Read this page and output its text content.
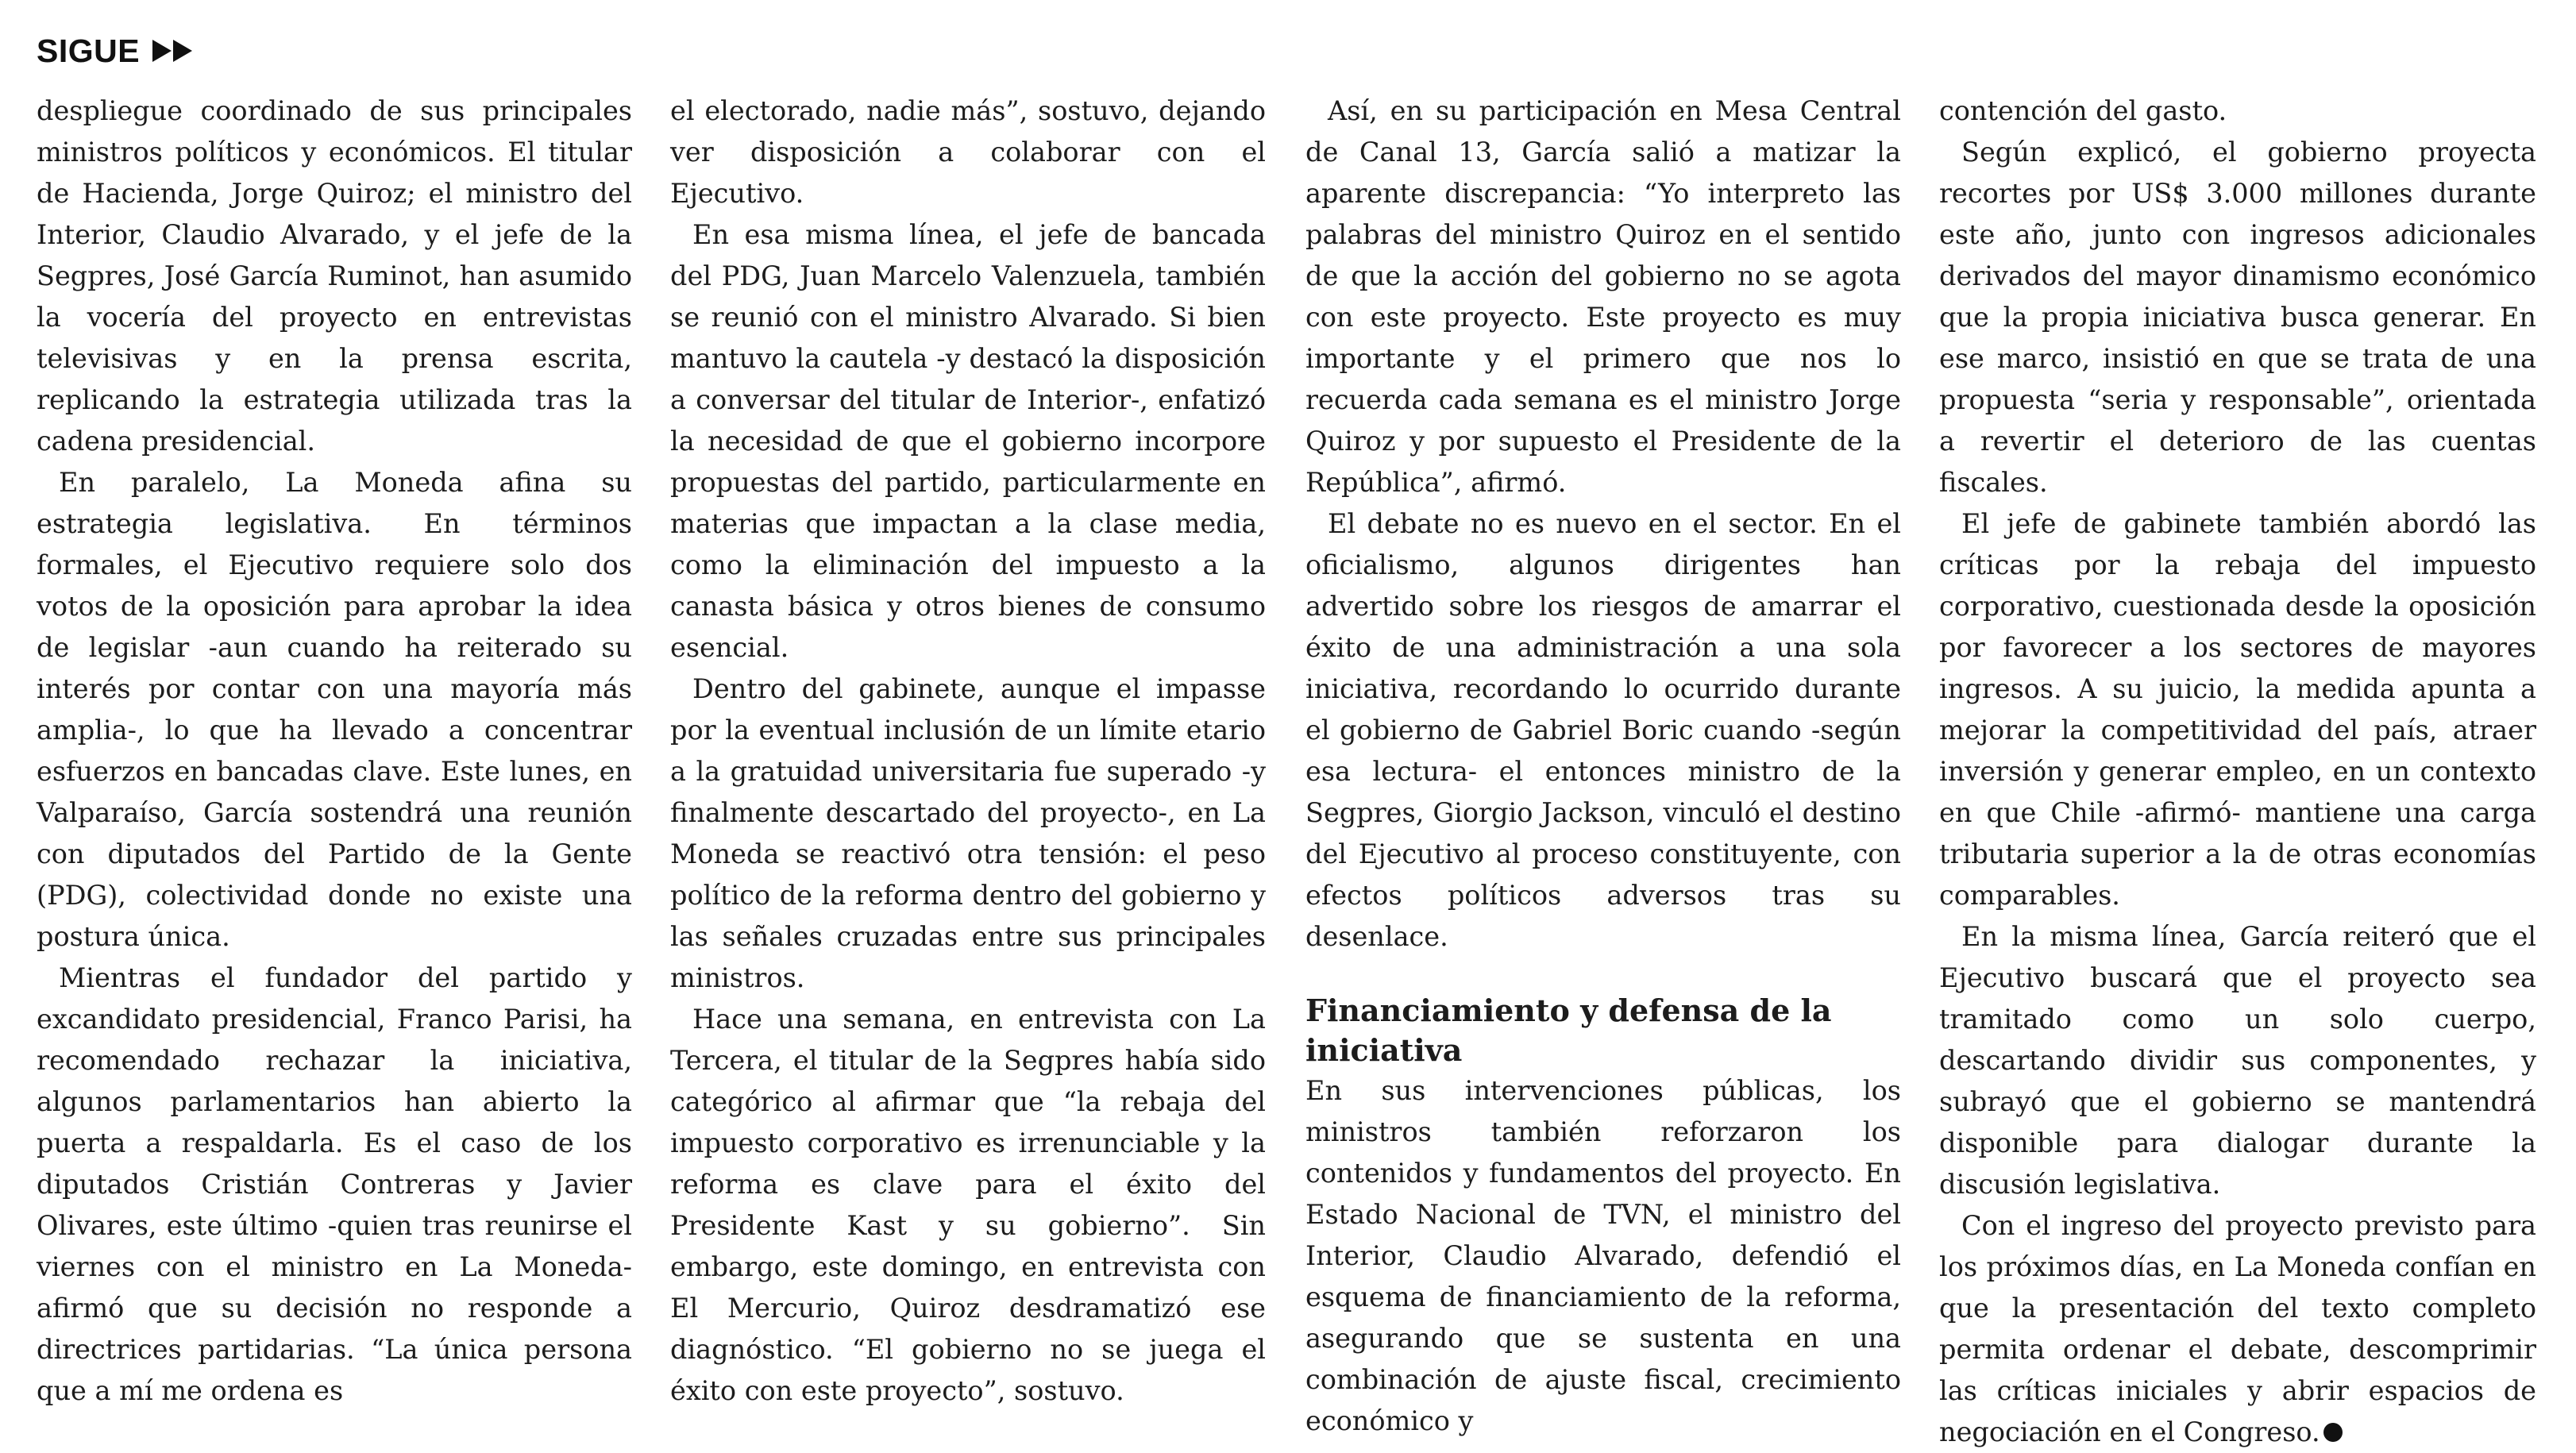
SIGUE

despliegue coordinado de sus principales ministros políticos y económicos. El titular de Hacienda, Jorge Quiroz; el ministro del Interior, Claudio Alvarado, y el jefe de la Segpres, José García Ruminot, han asumido la vocería del proyecto en entrevistas televisivas y en la prensa escrita, replicando la estrategia utilizada tras la cadena presidencial.

En paralelo, La Moneda afina su estrategia legislativa. En términos formales, el Ejecutivo requiere solo dos votos de la oposición para aprobar la idea de legislar -aun cuando ha reiterado su interés por contar con una mayoría más amplia-, lo que ha llevado a concentrar esfuerzos en bancadas clave. Este lunes, en Valparaíso, García sostendrá una reunión con diputados del Partido de la Gente (PDG), colectividad donde no existe una postura única.

Mientras el fundador del partido y excandidato presidencial, Franco Parisi, ha recomendado rechazar la iniciativa, algunos parlamentarios han abierto la puerta a respaldarla. Es el caso de los diputados Cristián Contreras y Javier Olivares, este último -quien tras reunirse el viernes con el ministro en La Moneda- afirmó que su decisión no responde a directrices partidarias. “La única persona que a mí me ordena es

el electorado, nadie más”, sostuvo, dejando ver disposición a colaborar con el Ejecutivo.

En esa misma línea, el jefe de bancada del PDG, Juan Marcelo Valenzuela, también se reunió con el ministro Alvarado. Si bien mantuvo la cautela -y destacó la disposición a conversar del titular de Interior-, enfatizó la necesidad de que el gobierno incorpore propuestas del partido, particularmente en materias que impactan a la clase media, como la eliminación del impuesto a la canasta básica y otros bienes de consumo esencial.

Dentro del gabinete, aunque el impasse por la eventual inclusión de un límite etario a la gratuidad universitaria fue superado -y finalmente descartado del proyecto-, en La Moneda se reactivó otra tensión: el peso político de la reforma dentro del gobierno y las señales cruzadas entre sus principales ministros.

Hace una semana, en entrevista con La Tercera, el titular de la Segpres había sido categórico al afirmar que “la rebaja del impuesto corporativo es irrenunciable y la reforma es clave para el éxito del Presidente Kast y su gobierno”. Sin embargo, este domingo, en entrevista con El Mercurio, Quiroz desdramatizó ese diagnóstico. “El gobierno no se juega el éxito con este proyecto”, sostuvo.

Así, en su participación en Mesa Central de Canal 13, García salió a matizar la aparente discrepancia: “Yo interpreto las palabras del ministro Quiroz en el sentido de que la acción del gobierno no se agota con este proyecto. Este proyecto es muy importante y el primero que nos lo recuerda cada semana es el ministro Jorge Quiroz y por supuesto el Presidente de la República”, afirmó.

El debate no es nuevo en el sector. En el oficialismo, algunos dirigentes han advertido sobre los riesgos de amarrar el éxito de una administración a una sola iniciativa, recordando lo ocurrido durante el gobierno de Gabriel Boric cuando -según esa lectura- el entonces ministro de la Segpres, Giorgio Jackson, vinculó el destino del Ejecutivo al proceso constituyente, con efectos políticos adversos tras su desenlace.

Financiamiento y defensa de la iniciativa

En sus intervenciones públicas, los ministros también reforzaron los contenidos y fundamentos del proyecto. En Estado Nacional de TVN, el ministro del Interior, Claudio Alvarado, defendió el esquema de financiamiento de la reforma, asegurando que se sustenta en una combinación de ajuste fiscal, crecimiento económico y

contención del gasto.

Según explicó, el gobierno proyecta recortes por US$ 3.000 millones durante este año, junto con ingresos adicionales derivados del mayor dinamismo económico que la propia iniciativa busca generar. En ese marco, insistió en que se trata de una propuesta “seria y responsable”, orientada a revertir el deterioro de las cuentas fiscales.

El jefe de gabinete también abordó las críticas por la rebaja del impuesto corporativo, cuestionada desde la oposición por favorecer a los sectores de mayores ingresos. A su juicio, la medida apunta a mejorar la competitividad del país, atraer inversión y generar empleo, en un contexto en que Chile -afirmó- mantiene una carga tributaria superior a la de otras economías comparables.

En la misma línea, García reiteró que el Ejecutivo buscará que el proyecto sea tramitado como un solo cuerpo, descartando dividir sus componentes, y subrayó que el gobierno se mantendrá disponible para dialogar durante la discusión legislativa.

Con el ingreso del proyecto previsto para los próximos días, en La Moneda confían en que la presentación del texto completo permita ordenar el debate, descomprimir las críticas iniciales y abrir espacios de negociación en el Congreso.
